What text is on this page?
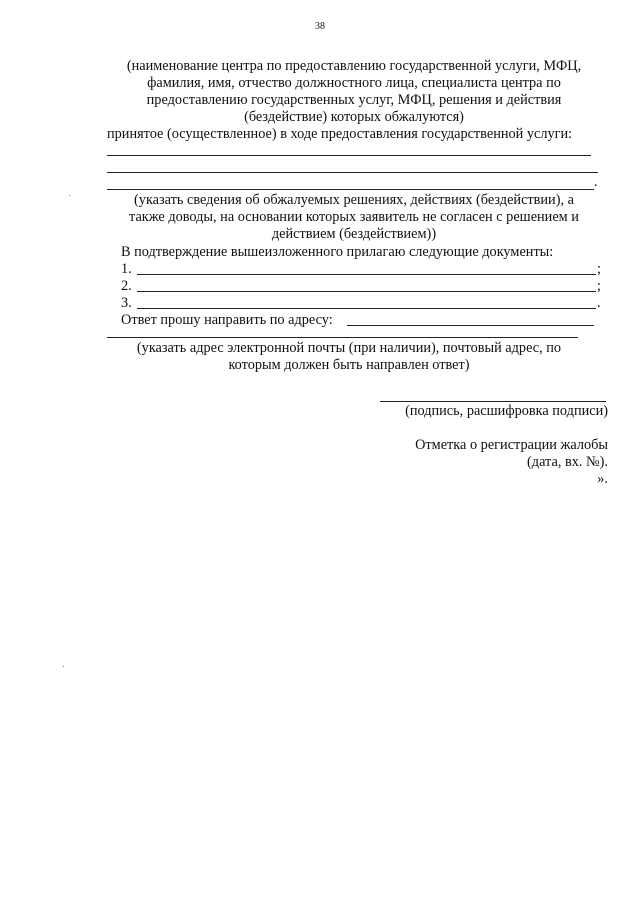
38
(наименование центра по предоставлению государственной услуги, МФЦ,
фамилия, имя, отчество должностного лица, специалиста центра по
предоставлению государственных услуг, МФЦ, решения и действия
(бездействие) которых обжалуются)
принятое (осуществленное) в ходе предоставления государственной услуги:
.
(указать сведения об обжалуемых решениях, действиях (бездействии), а
также доводы, на основании которых заявитель не согласен с решением и
действием (бездействием))
В подтверждение вышеизложенного прилагаю следующие документы:
1.	;
2.	;
3.	.
Ответ прошу направить по адресу:
(указать адрес электронной почты (при наличии), почтовый адрес, по
которым должен быть направлен ответ)
(подпись, расшифровка подписи)
Отметка о регистрации жалобы
(дата, вх. №).
».
